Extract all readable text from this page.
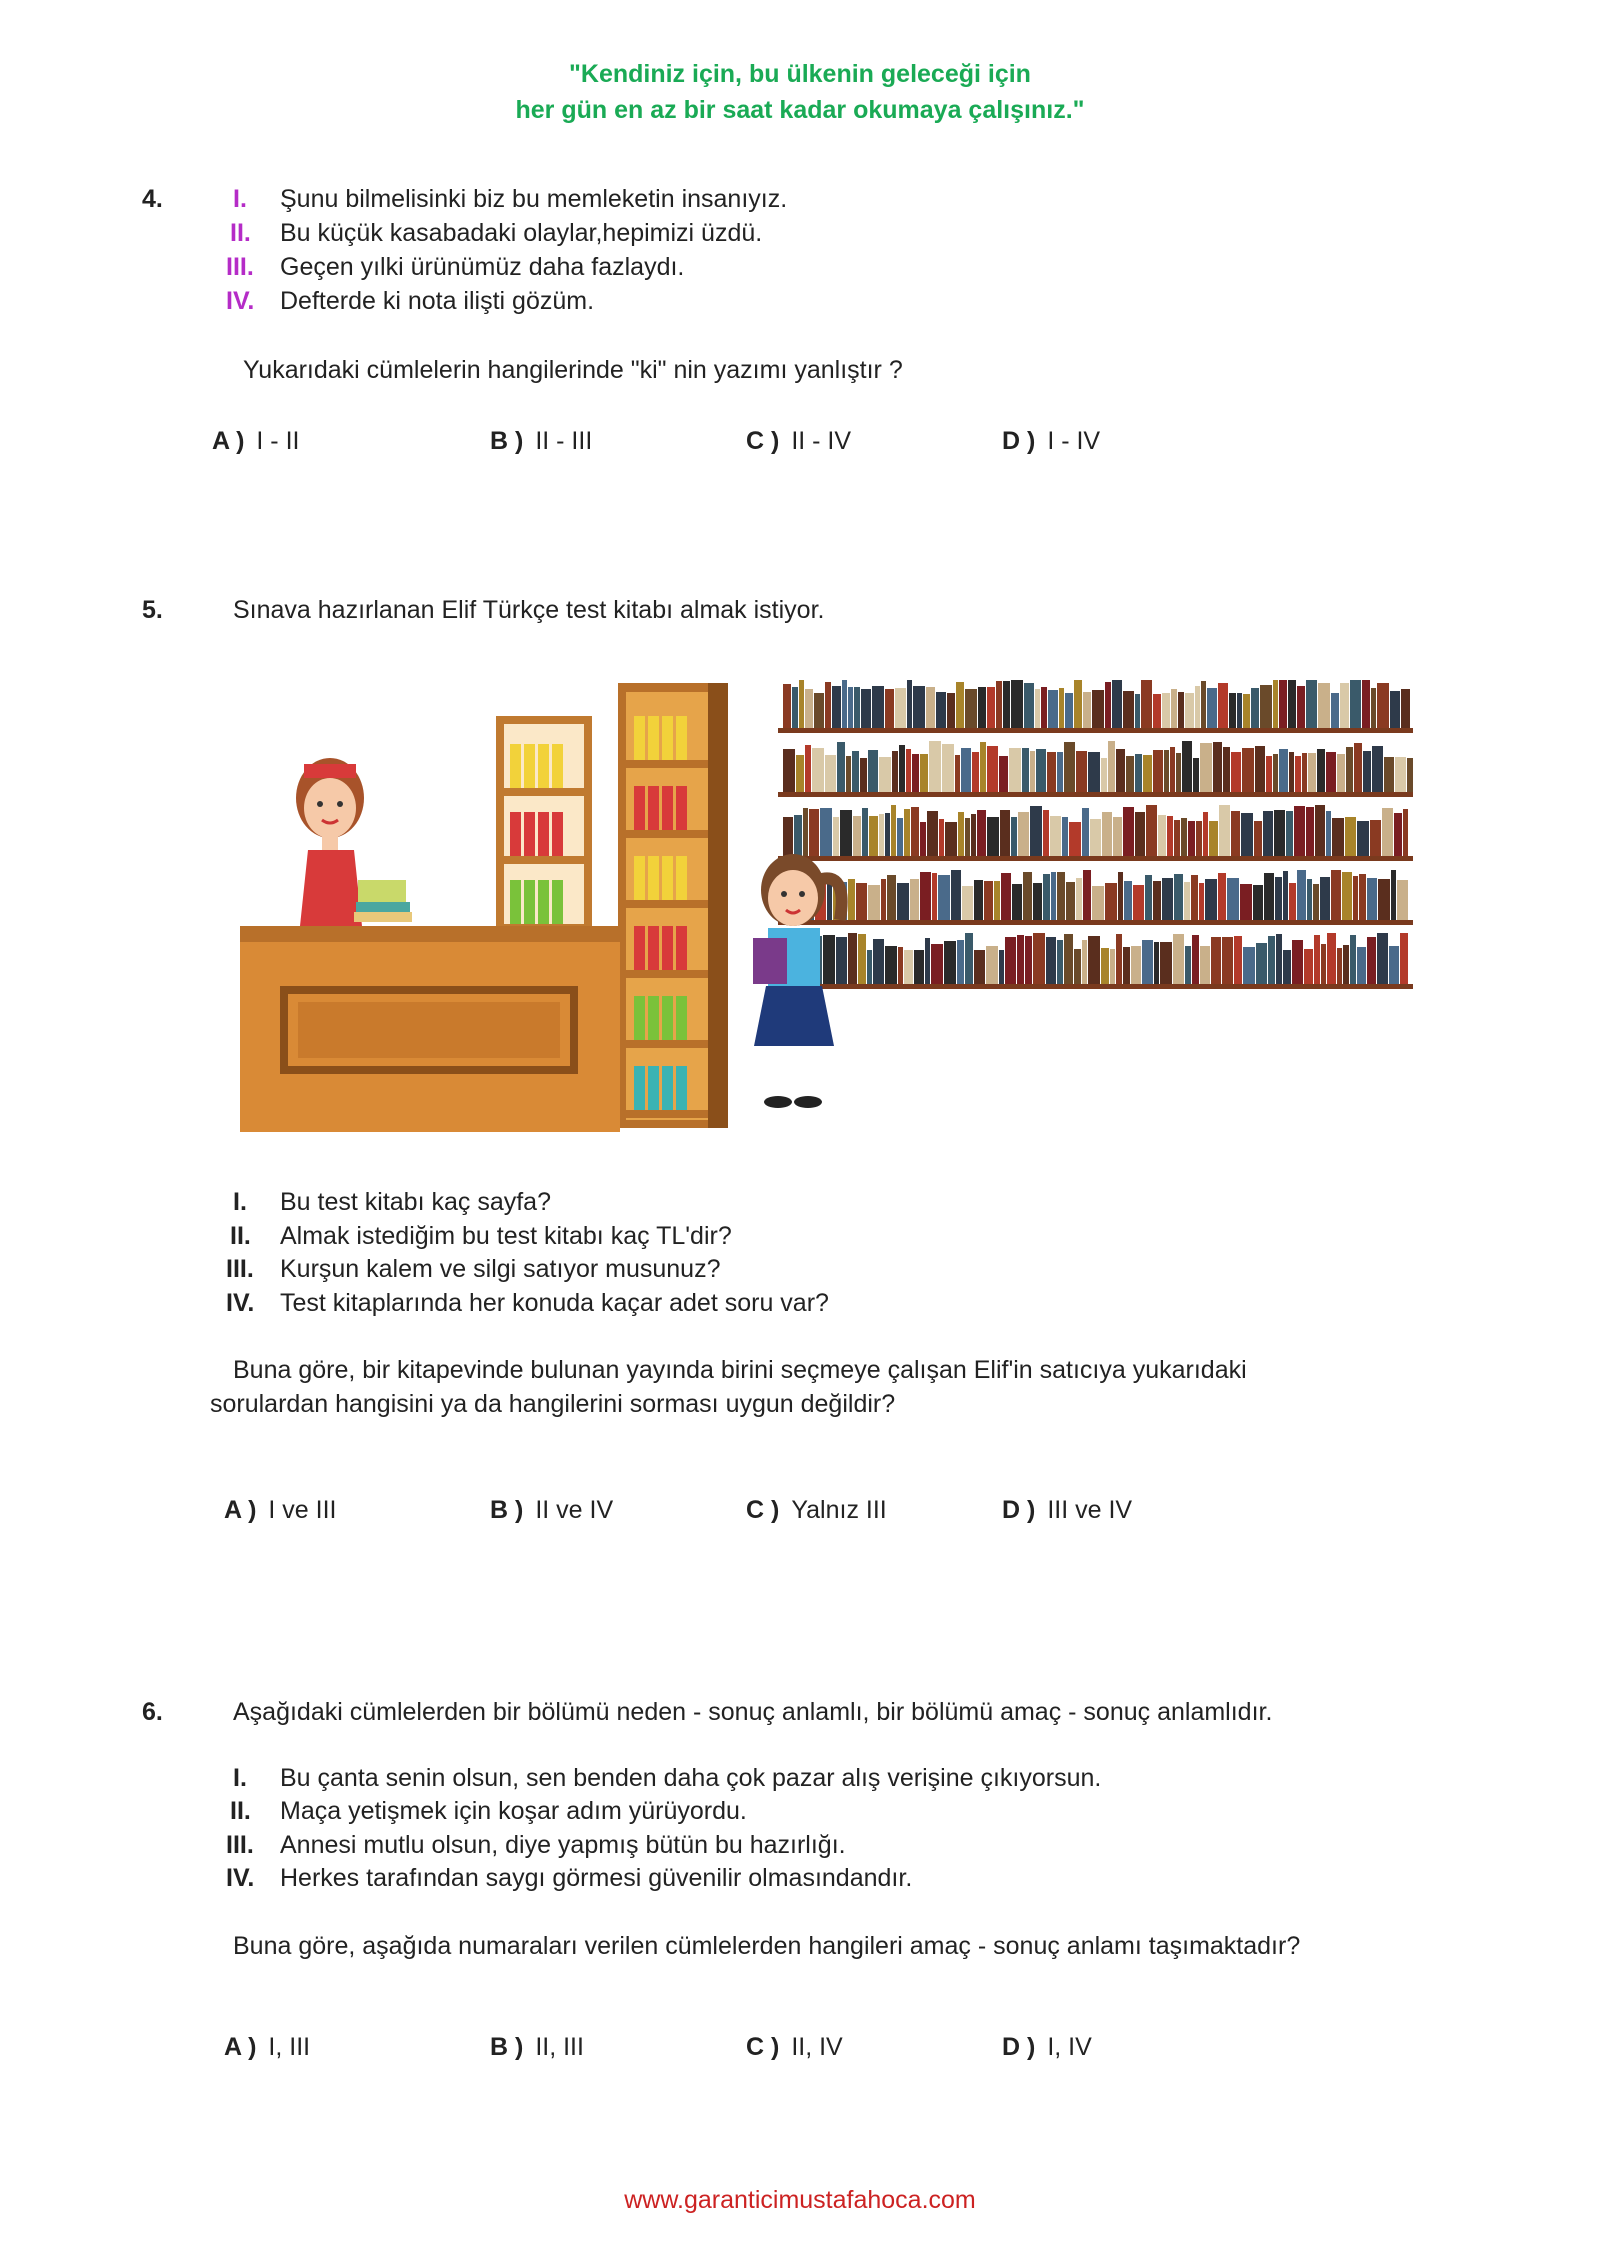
"Kendiniz için, bu ülkenin geleceği için
her gün en az bir saat kadar okumaya çalışınız."
4.	I. Şunu bilmelisinki biz bu memleketin insanıyız.
II. Bu küçük kasabadaki olaylar,hepimizi üzdü.
III. Geçen yılki ürünümüz daha fazlaydı.
IV. Defterde ki nota ilişti gözüm.
Yukarıdaki cümlelerin hangilerinde "ki" nin yazımı yanlıştır ?
A ) I - II	B ) II - III	C ) II - IV	D ) I - IV
5.	Sınava hazırlanan Elif Türkçe test kitabı almak istiyor.
I. Bu test kitabı kaç sayfa?
II. Almak istediğim bu test kitabı kaç TL'dir?
III. Kurşun kalem ve silgi satıyor musunuz?
IV. Test kitaplarında her konuda kaçar adet soru var?
Buna göre, bir kitapevinde bulunan yayında birini seçmeye çalışan Elif'in satıcıya yukarıdaki
sorulardan hangisini ya da hangilerini sorması uygun değildir?
A ) I ve III	B ) II ve IV	C ) Yalnız III	D ) III ve IV
6.	Aşağıdaki cümlelerden bir bölümü neden - sonuç anlamlı, bir bölümü amaç - sonuç anlamlıdır.
I. Bu çanta senin olsun, sen benden daha çok pazar alış verişine çıkıyorsun.
II. Maça yetişmek için koşar adım yürüyordu.
III. Annesi mutlu olsun, diye yapmış bütün bu hazırlığı.
IV. Herkes tarafından saygı görmesi güvenilir olmasındandır.
Buna göre, aşağıda numaraları verilen cümlelerden hangileri amaç - sonuç anlamı taşımaktadır?
A ) I, III	B ) II, III	C ) II, IV	D ) I, IV
www.garanticimustafahoca.com
